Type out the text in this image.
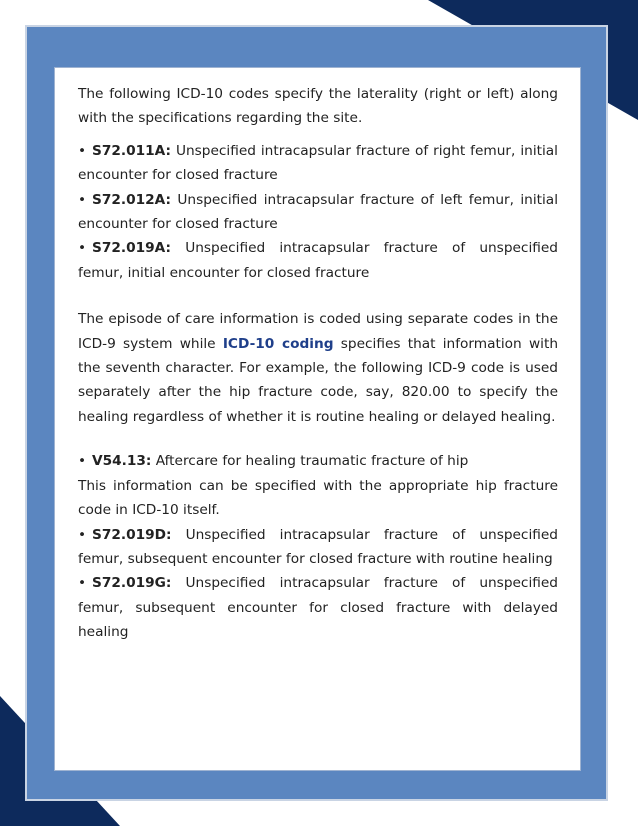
The following ICD-10 codes specify the laterality (right or left) along with the specifications regarding the site.

• S72.011A: Unspecified intracapsular fracture of right femur, initial encounter for closed fracture

• S72.012A: Unspecified intracapsular fracture of left femur, initial encounter for closed fracture

• S72.019A: Unspecified intracapsular fracture of unspecified femur, initial encounter for closed fracture

The episode of care information is coded using separate codes in the ICD-9 system while ICD-10 coding specifies that information with the seventh character. For example, the following ICD-9 code is used separately after the hip fracture code, say, 820.00 to specify the healing regardless of whether it is routine healing or delayed healing.

• V54.13: Aftercare for healing traumatic fracture of hip

This information can be specified with the appropriate hip fracture code in ICD-10 itself.

• S72.019D: Unspecified intracapsular fracture of unspecified femur, subsequent encounter for closed fracture with routine healing

• S72.019G: Unspecified intracapsular fracture of unspecified femur, subsequent encounter for closed fracture with delayed healing
